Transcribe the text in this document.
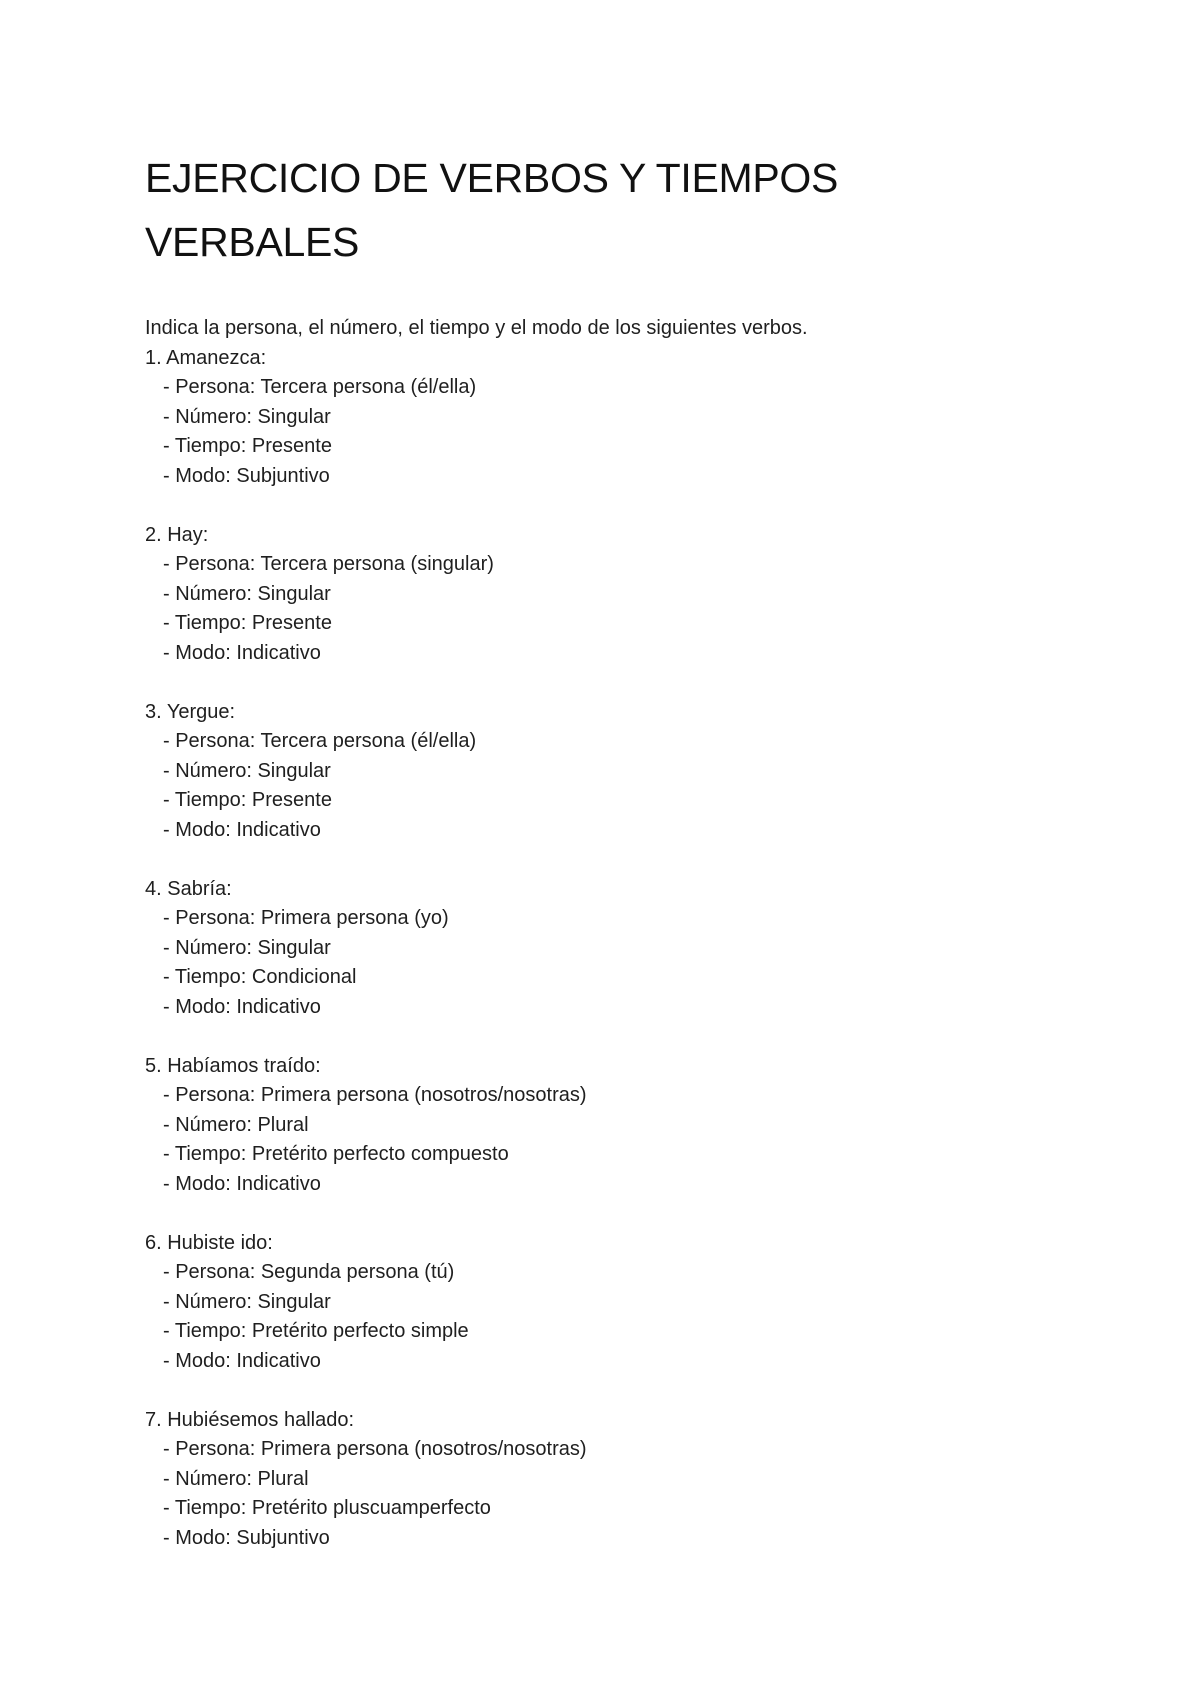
EJERCICIO DE VERBOS Y TIEMPOS VERBALES
Indica la persona, el número, el tiempo y el modo de los siguientes verbos.
1. Amanezca:
- Persona: Tercera persona (él/ella)
- Número: Singular
- Tiempo: Presente
- Modo: Subjuntivo
2. Hay:
- Persona: Tercera persona (singular)
- Número: Singular
- Tiempo: Presente
- Modo: Indicativo
3. Yergue:
- Persona: Tercera persona (él/ella)
- Número: Singular
- Tiempo: Presente
- Modo: Indicativo
4. Sabría:
- Persona: Primera persona (yo)
- Número: Singular
- Tiempo: Condicional
- Modo: Indicativo
5. Habíamos traído:
- Persona: Primera persona (nosotros/nosotras)
- Número: Plural
- Tiempo: Pretérito perfecto compuesto
- Modo: Indicativo
6. Hubiste ido:
- Persona: Segunda persona (tú)
- Número: Singular
- Tiempo: Pretérito perfecto simple
- Modo: Indicativo
7. Hubiésemos hallado:
- Persona: Primera persona (nosotros/nosotras)
- Número: Plural
- Tiempo: Pretérito pluscuamperfecto
- Modo: Subjuntivo
